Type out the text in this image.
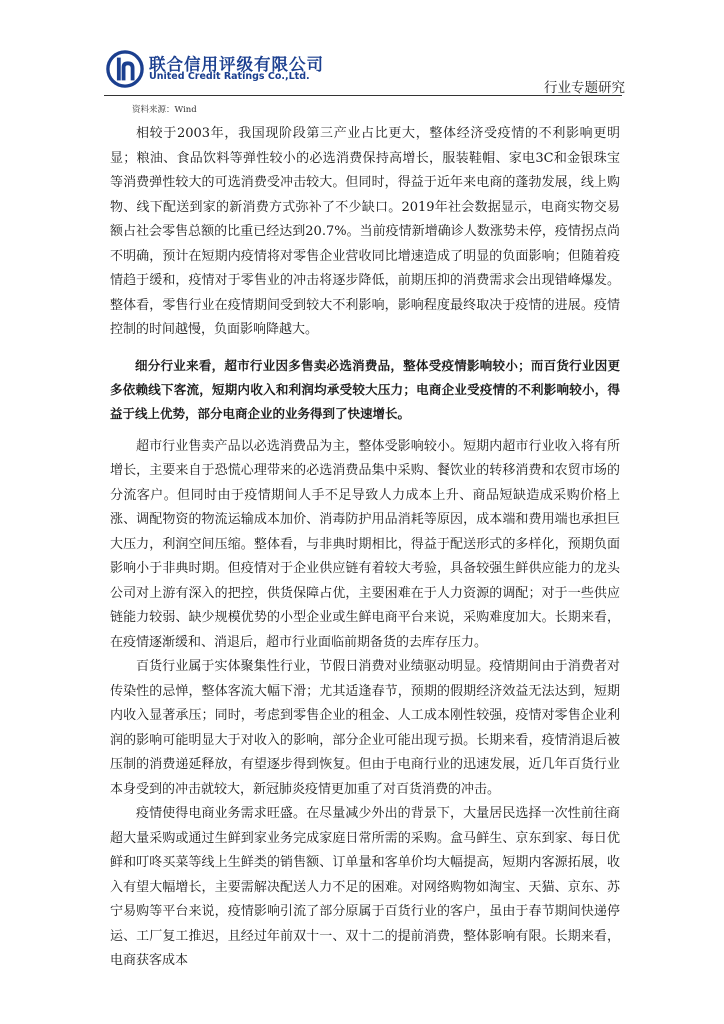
联合信用评级有限公司
United Credit Ratings Co.,Ltd.
行业专题研究
资料来源：Wind

相较于2003年，我国现阶段第三产业占比更大，整体经济受疫情的不利影响更明显；粮油、食品饮料等弹性较小的必选消费保持高增长，服装鞋帽、家电3C和金银珠宝等消费弹性较大的可选消费受冲击较大。但同时，得益于近年来电商的蓬勃发展，线上购物、线下配送到家的新消费方式弥补了不少缺口。2019年社会数据显示，电商实物交易额占社会零售总额的比重已经达到20.7%。当前疫情新增确诊人数涨势未停，疫情拐点尚不明确，预计在短期内疫情将对零售企业营收同比增速造成了明显的负面影响；但随着疫情趋于缓和，疫情对于零售业的冲击将逐步降低，前期压抑的消费需求会出现错峰爆发。整体看，零售行业在疫情期间受到较大不利影响，影响程度最终取决于疫情的进展。疫情控制的时间越慢，负面影响降越大。

细分行业来看，超市行业因多售卖必选消费品，整体受疫情影响较小；而百货行业因更多依赖线下客流，短期内收入和利润均承受较大压力；电商企业受疫情的不利影响较小，得益于线上优势，部分电商企业的业务得到了快速增长。

超市行业售卖产品以必选消费品为主，整体受影响较小。短期内超市行业收入将有所增长，主要来自于恐慌心理带来的必选消费品集中采购、餐饮业的转移消费和农贸市场的分流客户。但同时由于疫情期间人手不足导致人力成本上升、商品短缺造成采购价格上涨、调配物资的物流运输成本加价、消毒防护用品消耗等原因，成本端和费用端也承担巨大压力，利润空间压缩。整体看，与非典时期相比，得益于配送形式的多样化，预期负面影响小于非典时期。但疫情对于企业供应链有着较大考验，具备较强生鲜供应能力的龙头公司对上游有深入的把控，供货保障占优，主要困难在于人力资源的调配；对于一些供应链能力较弱、缺少规模优势的小型企业或生鲜电商平台来说，采购难度加大。长期来看，在疫情逐渐缓和、消退后，超市行业面临前期备货的去库存压力。

百货行业属于实体聚集性行业，节假日消费对业绩驱动明显。疫情期间由于消费者对传染性的忌惮，整体客流大幅下滑；尤其适逢春节，预期的假期经济效益无法达到，短期内收入显著承压；同时，考虑到零售企业的租金、人工成本刚性较强，疫情对零售企业利润的影响可能明显大于对收入的影响，部分企业可能出现亏损。长期来看，疫情消退后被压制的消费递延释放，有望逐步得到恢复。但由于电商行业的迅速发展，近几年百货行业本身受到的冲击就较大，新冠肺炎疫情更加重了对百货消费的冲击。

疫情使得电商业务需求旺盛。在尽量减少外出的背景下，大量居民选择一次性前往商超大量采购或通过生鲜到家业务完成家庭日常所需的采购。盒马鲜生、京东到家、每日优鲜和叮咚买菜等线上生鲜类的销售额、订单量和客单价均大幅提高，短期内客源拓展，收入有望大幅增长，主要需解决配送人力不足的困难。对网络购物如淘宝、天猫、京东、苏宁易购等平台来说，疫情影响引流了部分原属于百货行业的客户，虽由于春节期间快递停运、工厂复工推迟，且经过年前双十一、双十二的提前消费，整体影响有限。长期来看，电商获客成本
